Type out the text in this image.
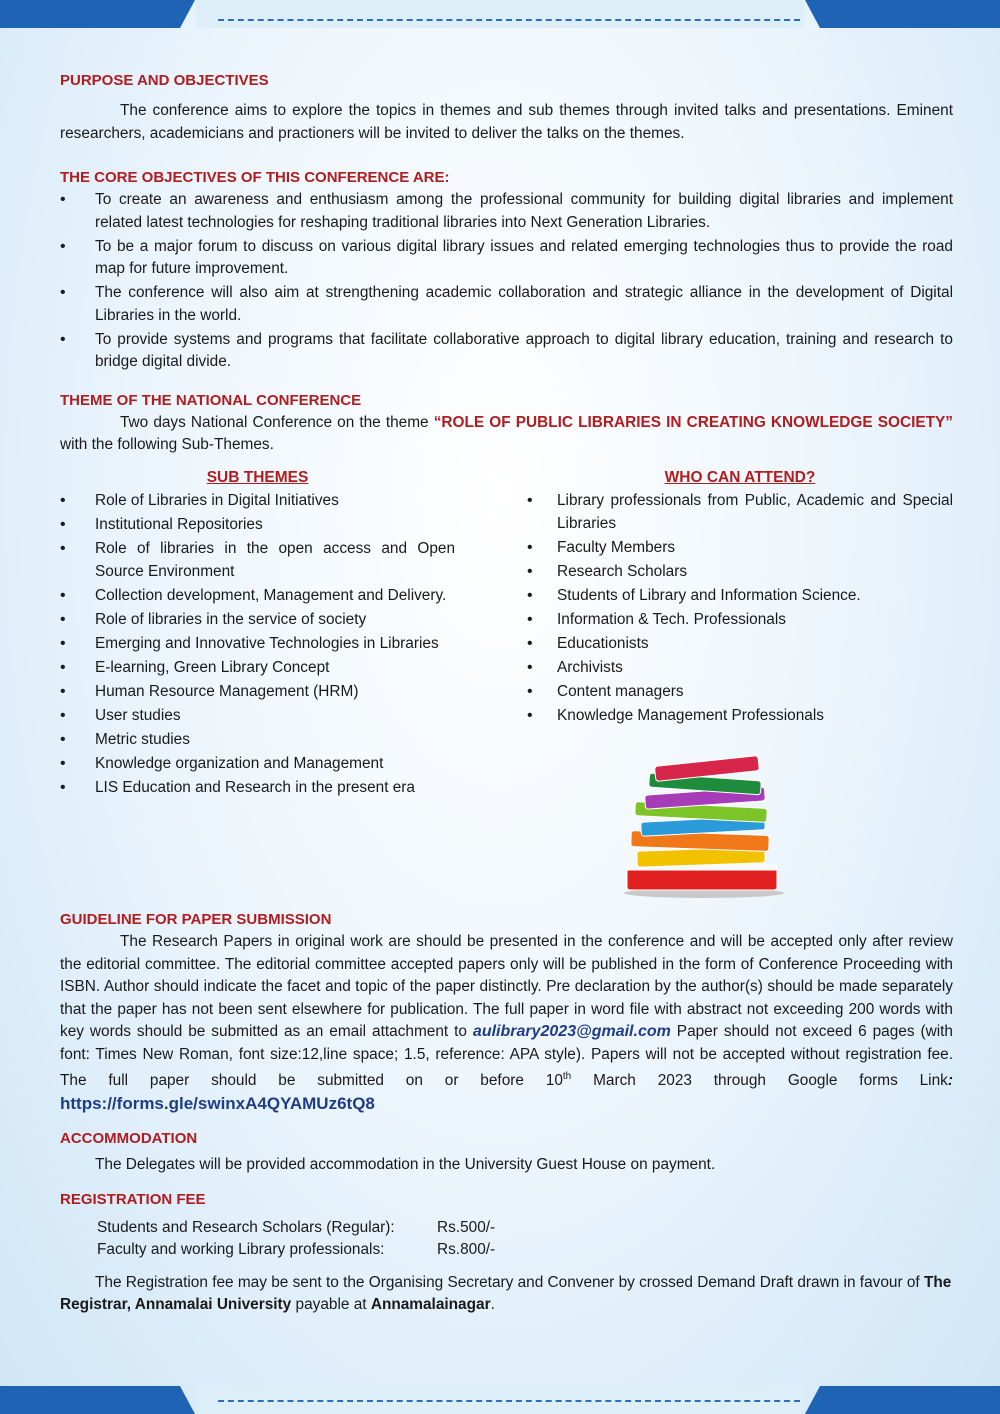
PURPOSE AND OBJECTIVES

The conference aims to explore the topics in themes and sub themes through invited talks and presentations. Eminent researchers, academicians and practioners will be invited to deliver the talks on the themes.

THE CORE OBJECTIVES OF THIS CONFERENCE ARE:
• To create an awareness and enthusiasm among the professional community for building digital libraries and implement related latest technologies for reshaping traditional libraries into Next Generation Libraries.
• To be a major forum to discuss on various digital library issues and related emerging technologies thus to provide the road map for future improvement.
• The conference will also aim at strengthening academic collaboration and strategic alliance in the development of Digital Libraries in the world.
• To provide systems and programs that facilitate collaborative approach to digital library education, training and research to bridge digital divide.
THEME OF THE NATIONAL CONFERENCE

Two days National Conference on the theme “ROLE OF PUBLIC LIBRARIES IN CREATING KNOWLEDGE SOCIETY” with the following Sub-Themes.

SUB THEMES
• Role of Libraries in Digital Initiatives
• Institutional Repositories
• Role of libraries in the open access and Open Source Environment
• Collection development, Management and Delivery.
• Role of libraries in the service of society
• Emerging and Innovative Technologies in Libraries
• E-learning, Green Library Concept
• Human Resource Management (HRM)
• User studies
• Metric studies
• Knowledge organization and Management
• LIS Education and Research in the present era
WHO CAN ATTEND?
• Library professionals from Public, Academic and Special Libraries
• Faculty Members
• Research Scholars
• Students of Library and Information Science.
• Information & Tech. Professionals
• Educationists
• Archivists
• Content managers
• Knowledge Management Professionals
GUIDELINE FOR PAPER SUBMISSION

The Research Papers in original work are should be presented in the conference and will be accepted only after review the editorial committee. The editorial committee accepted papers only will be published in the form of Conference Proceeding with ISBN. Author should indicate the facet and topic of the paper distinctly. Pre declaration by the author(s) should be made separately that the paper has not been sent elsewhere for publication. The full paper in word file with abstract not exceeding 200 words with key words should be submitted as an email attachment to aulibrary2023@gmail.com Paper should not exceed 6 pages (with font: Times New Roman, font size:12,line space; 1.5, reference: APA style). Papers will not be accepted without registration fee. The full paper should be submitted on or before 10th March 2023 through Google forms Link: https://forms.gle/swinxA4QYAMUz6tQ8

ACCOMMODATION

The Delegates will be provided accommodation in the University Guest House on payment.

REGISTRATION FEE
Students and Research Scholars (Regular):	Rs.500/-
Faculty and working Library professionals:	Rs.800/-

The Registration fee may be sent to the Organising Secretary and Convener by crossed Demand Draft drawn in favour of The Registrar, Annamalai University payable at Annamalainagar.
